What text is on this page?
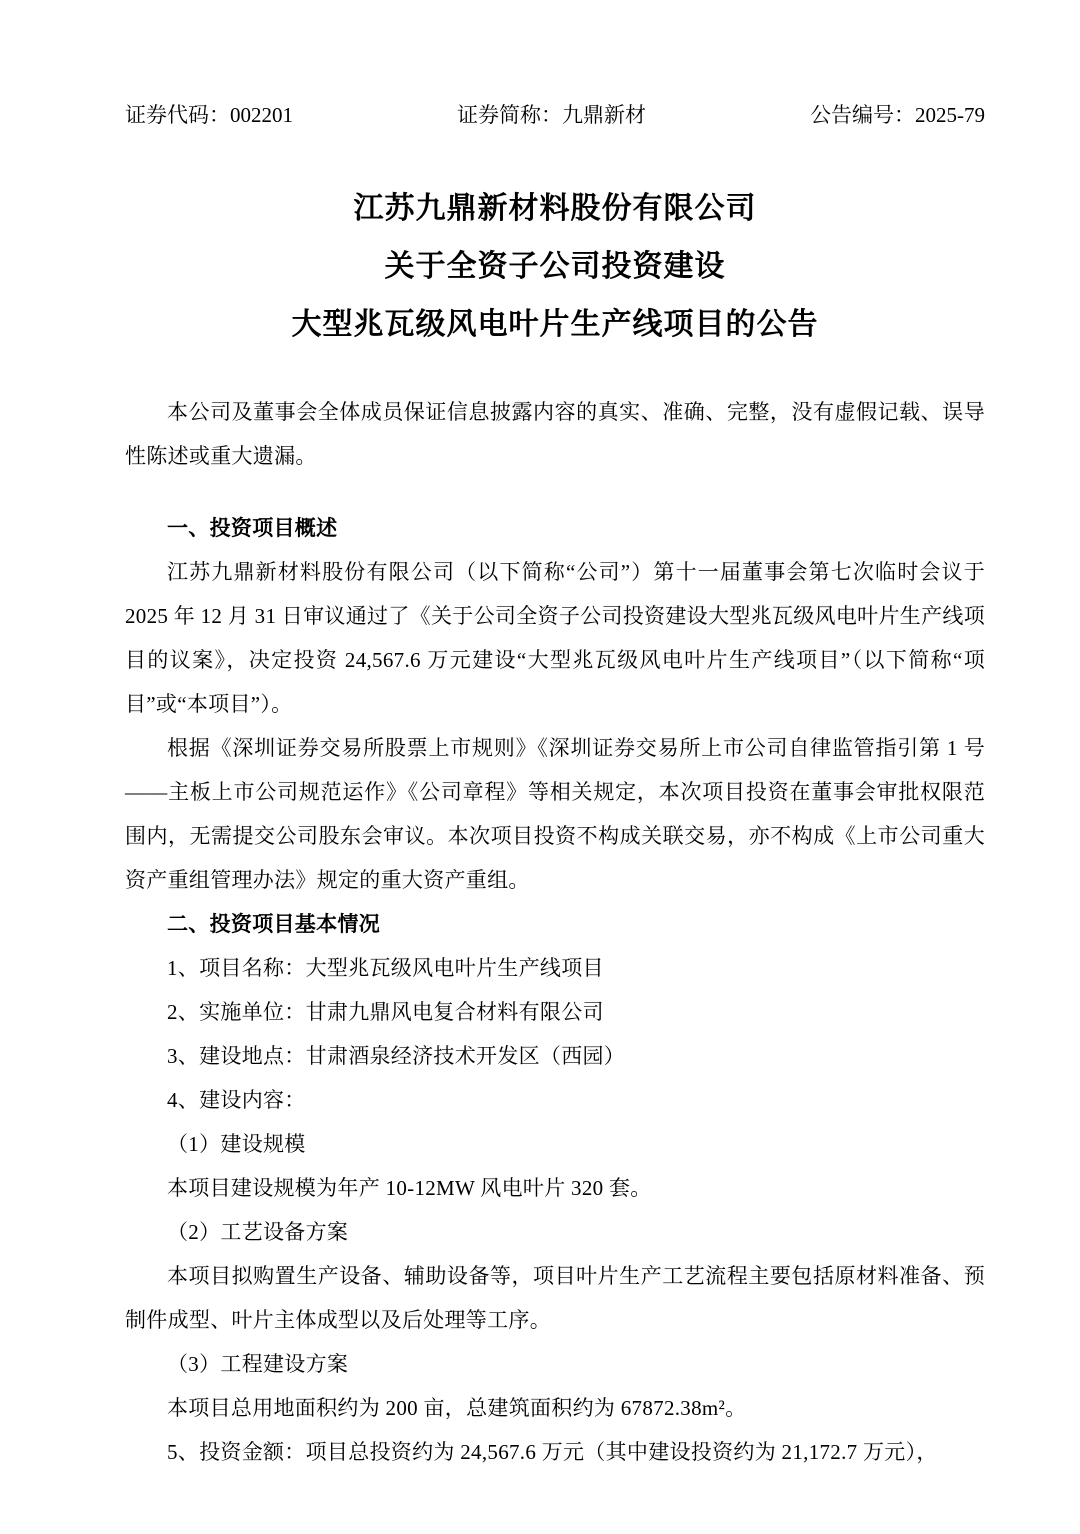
证券代码：002201	证券简称：九鼎新材	公告编号：2025-79
江苏九鼎新材料股份有限公司
关于全资子公司投资建设
大型兆瓦级风电叶片生产线项目的公告

本公司及董事会全体成员保证信息披露内容的真实、准确、完整，没有虚假记载、误导性陈述或重大遗漏。

一、投资项目概述

江苏九鼎新材料股份有限公司（以下简称“公司”）第十一届董事会第七次临时会议于 2025 年 12 月 31 日审议通过了《关于公司全资子公司投资建设大型兆瓦级风电叶片生产线项目的议案》，决定投资 24,567.6 万元建设“大型兆瓦级风电叶片生产线项目”（以下简称“项目”或“本项目”）。

根据《深圳证券交易所股票上市规则》《深圳证券交易所上市公司自律监管指引第 1 号——主板上市公司规范运作》《公司章程》等相关规定，本次项目投资在董事会审批权限范围内，无需提交公司股东会审议。本次项目投资不构成关联交易，亦不构成《上市公司重大资产重组管理办法》规定的重大资产重组。

二、投资项目基本情况

1、项目名称：大型兆瓦级风电叶片生产线项目

2、实施单位：甘肃九鼎风电复合材料有限公司

3、建设地点：甘肃酒泉经济技术开发区（西园）

4、建设内容：

（1）建设规模

本项目建设规模为年产 10-12MW 风电叶片 320 套。

（2）工艺设备方案

本项目拟购置生产设备、辅助设备等，项目叶片生产工艺流程主要包括原材料准备、预制件成型、叶片主体成型以及后处理等工序。

（3）工程建设方案

本项目总用地面积约为 200 亩，总建筑面积约为 67872.38m²。

5、投资金额：项目总投资约为 24,567.6 万元（其中建设投资约为 21,172.7 万元），
